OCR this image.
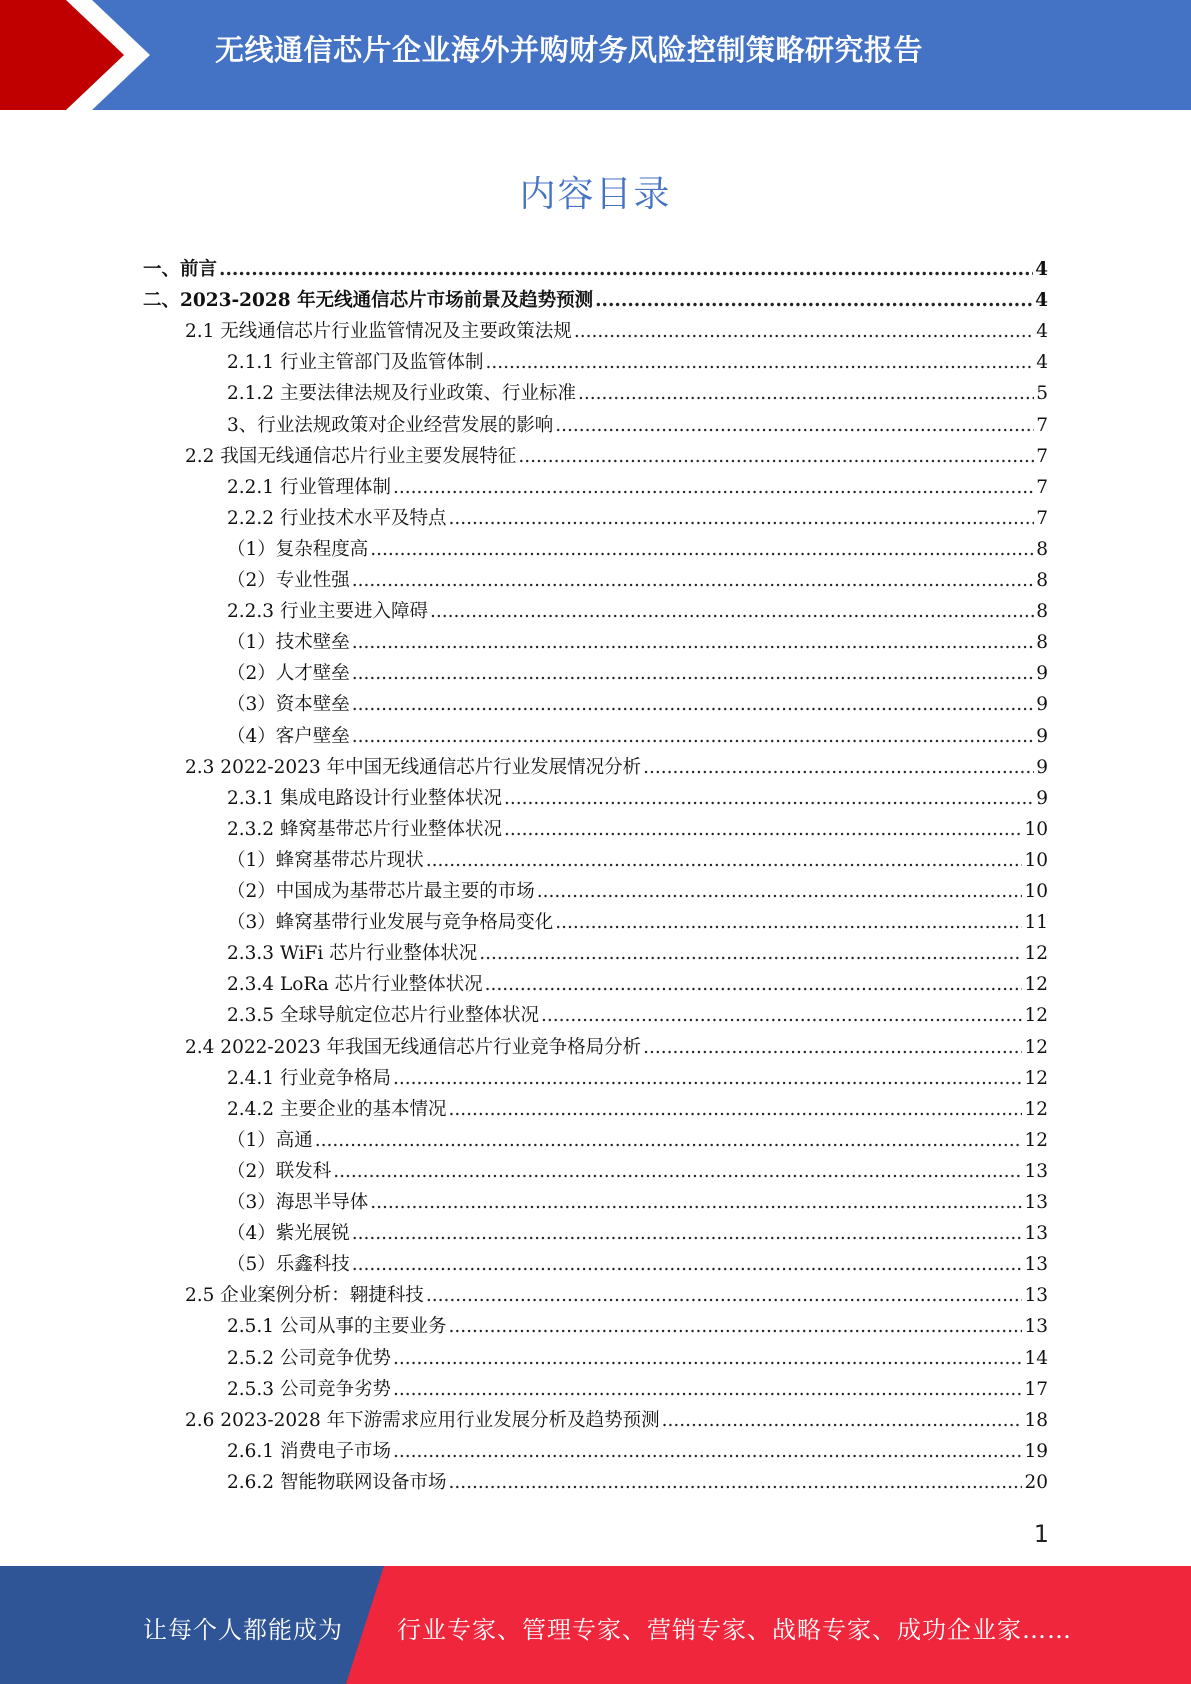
无线通信芯片企业海外并购财务风险控制策略研究报告
内容目录
一、前言 .....	4
二、2023-2028 年无线通信芯片市场前景及趋势预测 .....	4
2.1 无线通信芯片行业监管情况及主要政策法规 .....	4
2.1.1 行业主管部门及监管体制 .....	4
2.1.2 主要法律法规及行业政策、行业标准 .....	5
3、行业法规政策对企业经营发展的影响 .....	7
2.2 我国无线通信芯片行业主要发展特征 .....	7
2.2.1 行业管理体制 .....	7
2.2.2 行业技术水平及特点 .....	7
（1）复杂程度高 .....	8
（2）专业性强 .....	8
2.2.3 行业主要进入障碍 .....	8
（1）技术壁垒 .....	8
（2）人才壁垒 .....	9
（3）资本壁垒 .....	9
（4）客户壁垒 .....	9
2.3 2022-2023 年中国无线通信芯片行业发展情况分析 .....	9
2.3.1 集成电路设计行业整体状况 .....	9
2.3.2 蜂窝基带芯片行业整体状况 .....	10
（1）蜂窝基带芯片现状 .....	10
（2）中国成为基带芯片最主要的市场 .....	10
（3）蜂窝基带行业发展与竞争格局变化 .....	11
2.3.3 WiFi 芯片行业整体状况 .....	12
2.3.4 LoRa 芯片行业整体状况 .....	12
2.3.5 全球导航定位芯片行业整体状况 .....	12
2.4 2022-2023 年我国无线通信芯片行业竞争格局分析 .....	12
2.4.1 行业竞争格局 .....	12
2.4.2 主要企业的基本情况 .....	12
（1）高通 .....	12
（2）联发科 .....	13
（3）海思半导体 .....	13
（4）紫光展锐 .....	13
（5）乐鑫科技 .....	13
2.5 企业案例分析：翱捷科技 .....	13
2.5.1 公司从事的主要业务 .....	13
2.5.2 公司竞争优势 .....	14
2.5.3 公司竞争劣势 .....	17
2.6 2023-2028 年下游需求应用行业发展分析及趋势预测 .....	18
2.6.1 消费电子市场 .....	19
2.6.2 智能物联网设备市场 .....	20
1
让每个人都能成为 行业专家、管理专家、营销专家、战略专家、成功企业家……
